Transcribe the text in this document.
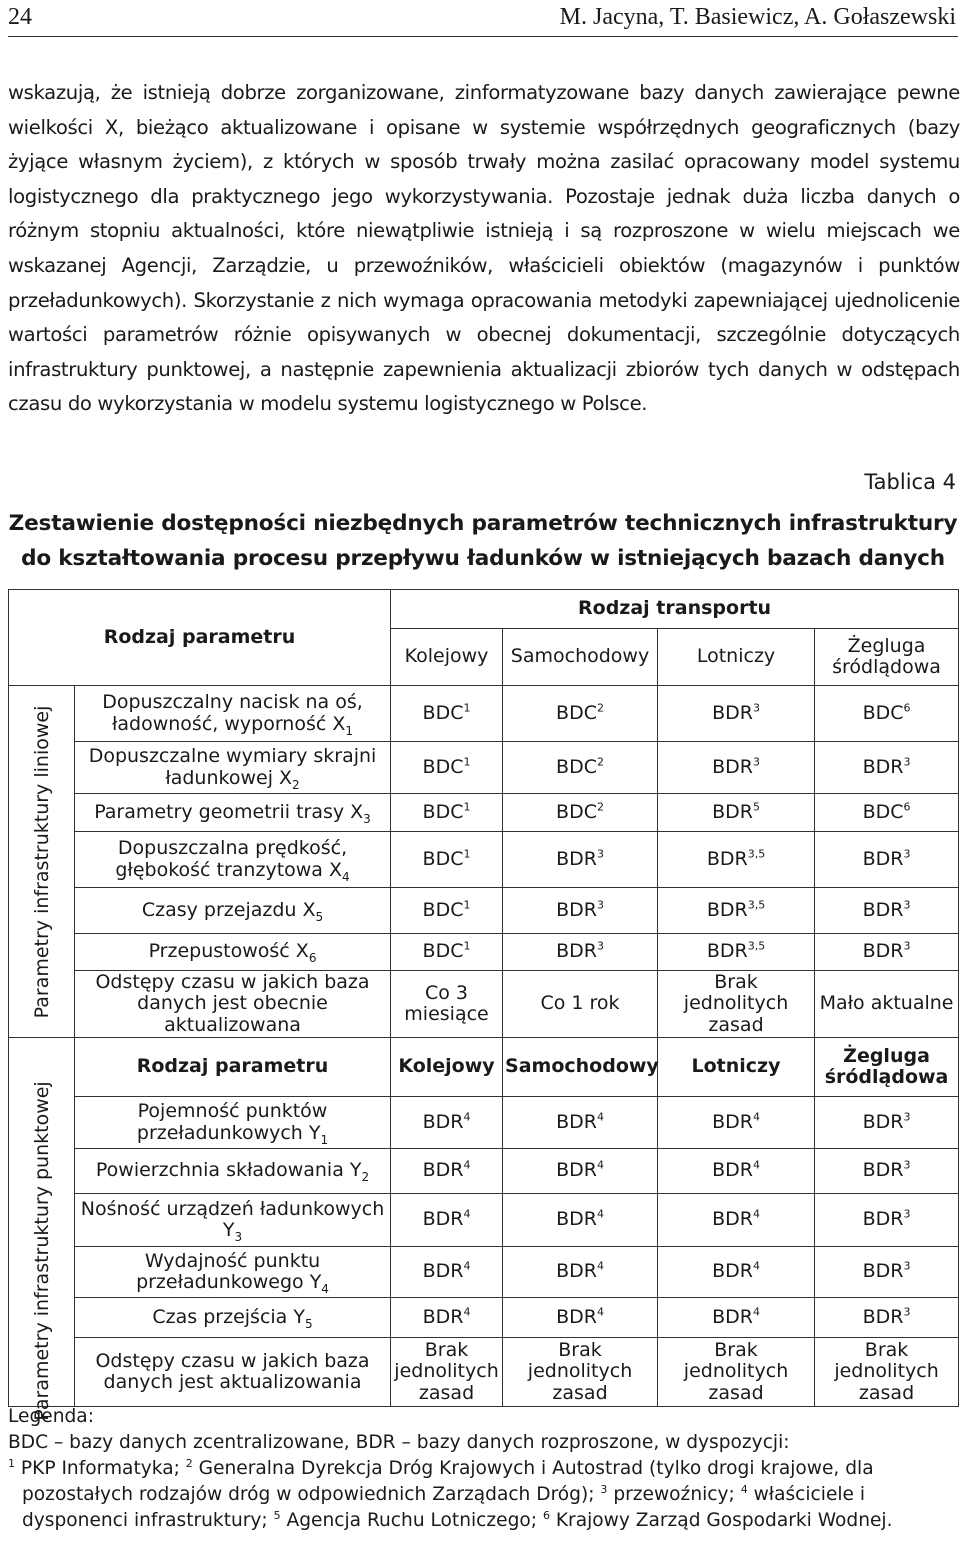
24	M. Jacyna, T. Basiewicz, A. Gołaszewski
wskazują, że istnieją dobrze zorganizowane, zinformatyzowane bazy danych zawierające pewne wielkości X, bieżąco aktualizowane i opisane w systemie współrzędnych geograficznych (bazy żyjące własnym życiem), z których w sposób trwały można zasilać opracowany model systemu logistycznego dla praktycznego jego wykorzystywania. Pozostaje jednak duża liczba danych o różnym stopniu aktualności, które niewątpliwie istnieją i są rozproszone w wielu miejscach we wskazanej Agencji, Zarządzie, u przewoźników, właścicieli obiektów (magazynów i punktów przeładunkowych). Skorzystanie z nich wymaga opracowania metodyki zapewniającej ujednolicenie wartości parametrów różnie opisywanych w obecnej dokumentacji, szczególnie dotyczących infrastruktury punktowej, a następnie zapewnienia aktualizacji zbiorów tych danych w odstępach czasu do wykorzystania w modelu systemu logistycznego w Polsce.
Tablica 4
Zestawienie dostępności niezbędnych parametrów technicznych infrastruktury do kształtowania procesu przepływu ładunków w istniejących bazach danych
Rodzaj parametru		Rodzaj transportu			
		Kolejowy	Samochodowy	Lotniczy	Żegluga śródlądowa

Parametry infrastruktury liniowej	Dopuszczalny nacisk na oś, ładowność, wyporność $X_1$	BDC$^1$	BDC$^2$	BDR$^3$	BDC$^6$
	Dopuszczalne wymiary skrajni ładunkowej $X_2$	BDC$^1$	BDC$^2$	BDR$^3$	BDR$^3$
	Parametry geometrii trasy $X_3$	BDC$^1$	BDC$^2$	BDR$^5$	BDC$^6$
	Dopuszczalna prędkość, głębokość tranzytowa $X_4$	BDC$^1$	BDR$^3$	BDR$^{3,5}$	BDR$^3$
	Czasy przejazdu $X_5$	BDC$^1$	BDR$^3$	BDR$^{3,5}$	BDR$^3$
	Przepustowość $X_6$	BDC$^1$	BDR$^3$	BDR$^{3,5}$	BDR$^3$
	Odstępy czasu w jakich baza danych jest obecnie aktualizowana	Co 3 miesiące	Co 1 rok	Brak jednolitych zasad	Mało aktualne
	Rodzaj parametru	Kolejowy	Samochodowy	Lotniczy	Żegluga śródlądowa

Parametry infrastruktury punktowej	Pojemność punktów przeładunkowych $Y_1$	BDR$^4$	BDR$^4$	BDR$^4$	BDR$^3$
	Powierzchnia składowania $Y_2$	BDR$^4$	BDR$^4$	BDR$^4$	BDR$^3$
	Nośność urządzeń ładunkowych $Y_3$	BDR$^4$	BDR$^4$	BDR$^4$	BDR$^3$
	Wydajność punktu przeładunkowego $Y_4$	BDR$^4$	BDR$^4$	BDR$^4$	BDR$^3$
	Czas przejścia $Y_5$	BDR$^4$	BDR$^4$	BDR$^4$	BDR$^3$
	Odstępy czasu w jakich baza danych jest aktualizowania	Brak jednolitych zasad	Brak jednolitych zasad	Brak jednolitych zasad	Brak jednolitych zasad
Legenda:
BDC – bazy danych zcentralizowane, BDR – bazy danych rozproszone, w dyspozycji:
$^1$ PKP Informatyka; $^2$ Generalna Dyrekcja Dróg Krajowych i Autostrad (tylko drogi krajowe, dla pozostałych rodzajów dróg w odpowiednich Zarządach Dróg); $^3$ przewoźnicy; $^4$ właściciele i dysponenci infrastruktury; $^5$ Agencja Ruchu Lotniczego; $^6$ Krajowy Zarząd Gospodarki Wodnej.
